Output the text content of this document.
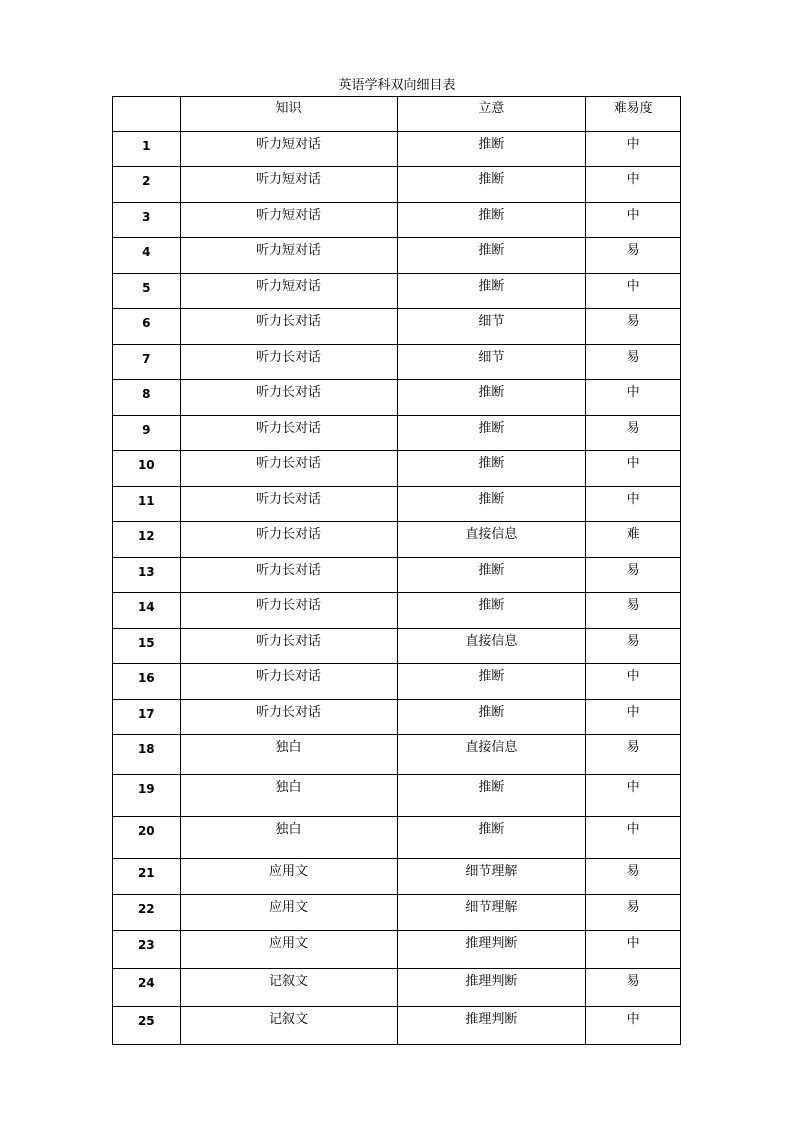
英语学科双向细目表
	知识	立意	难易度
1	听力短对话	推断	中
2	听力短对话	推断	中
3	听力短对话	推断	中
4	听力短对话	推断	易
5	听力短对话	推断	中
6	听力长对话	细节	易
7	听力长对话	细节	易
8	听力长对话	推断	中
9	听力长对话	推断	易
10	听力长对话	推断	中
11	听力长对话	推断	中
12	听力长对话	直接信息	难
13	听力长对话	推断	易
14	听力长对话	推断	易
15	听力长对话	直接信息	易
16	听力长对话	推断	中
17	听力长对话	推断	中
18	独白	直接信息	易
19	独白	推断	中
20	独白	推断	中
21	应用文	细节理解	易
22	应用文	细节理解	易
23	应用文	推理判断	中
24	记叙文	推理判断	易
25	记叙文	推理判断	中
